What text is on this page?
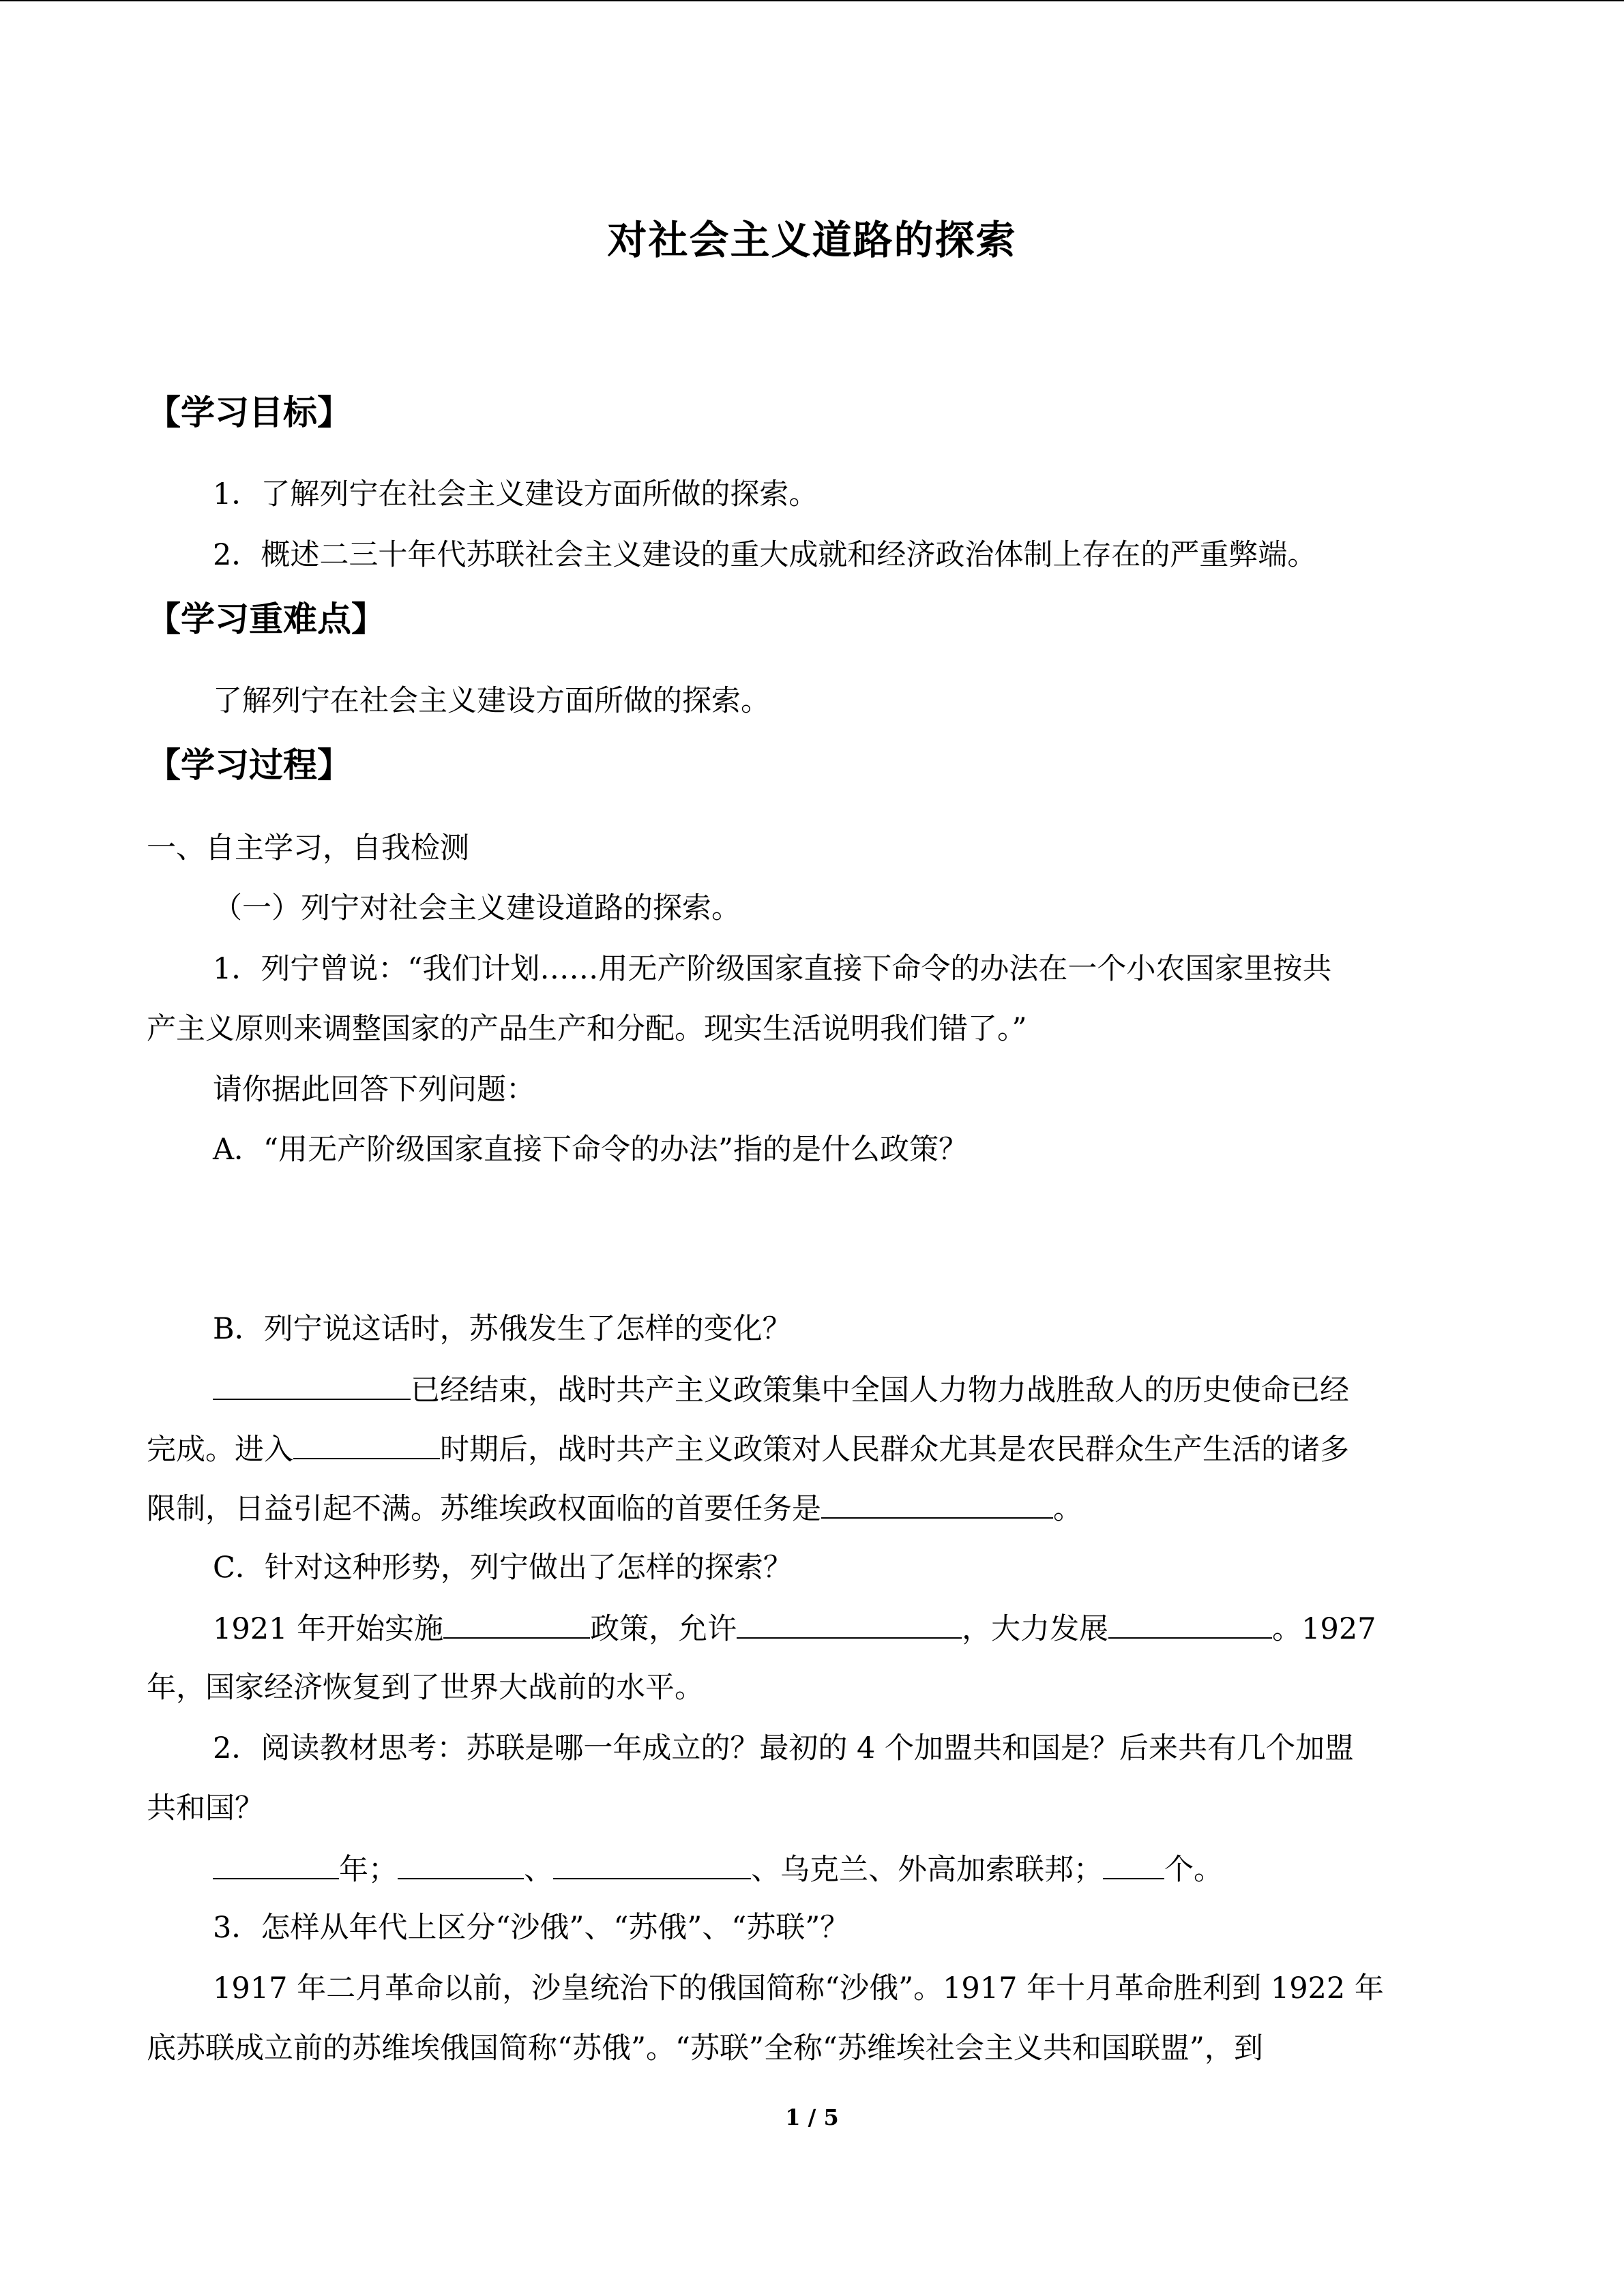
对社会主义道路的探索
【学习目标】
1．了解列宁在社会主义建设方面所做的探索。
2．概述二三十年代苏联社会主义建设的重大成就和经济政治体制上存在的严重弊端。
【学习重难点】
了解列宁在社会主义建设方面所做的探索。
【学习过程】
一、自主学习，自我检测
（一）列宁对社会主义建设道路的探索。
1．列宁曾说：“我们计划……用无产阶级国家直接下命令的办法在一个小农国家里按共
产主义原则来调整国家的产品生产和分配。现实生活说明我们错了。”
请你据此回答下列问题：
A．“用无产阶级国家直接下命令的办法”指的是什么政策？
B．列宁说这话时，苏俄发生了怎样的变化？
已经结束，战时共产主义政策集中全国人力物力战胜敌人的历史使命已经
完成。进入	时期后，战时共产主义政策对人民群众尤其是农民群众生产生活的诸多
限制，日益引起不满。苏维埃政权面临的首要任务是	。
C．针对这种形势，列宁做出了怎样的探索？
1921 年开始实施	政策，允许	，大力发展	。1927
年，国家经济恢复到了世界大战前的水平。
2．阅读教材思考：苏联是哪一年成立的？最初的 4 个加盟共和国是？后来共有几个加盟
共和国？
年；	、	、乌克兰、外高加索联邦； 个。
3．怎样从年代上区分“沙俄”、“苏俄”、“苏联”？
1917 年二月革命以前，沙皇统治下的俄国简称“沙俄”。1917 年十月革命胜利到 1922 年
底苏联成立前的苏维埃俄国简称“苏俄”。“苏联”全称“苏维埃社会主义共和国联盟”，到
1 / 5
